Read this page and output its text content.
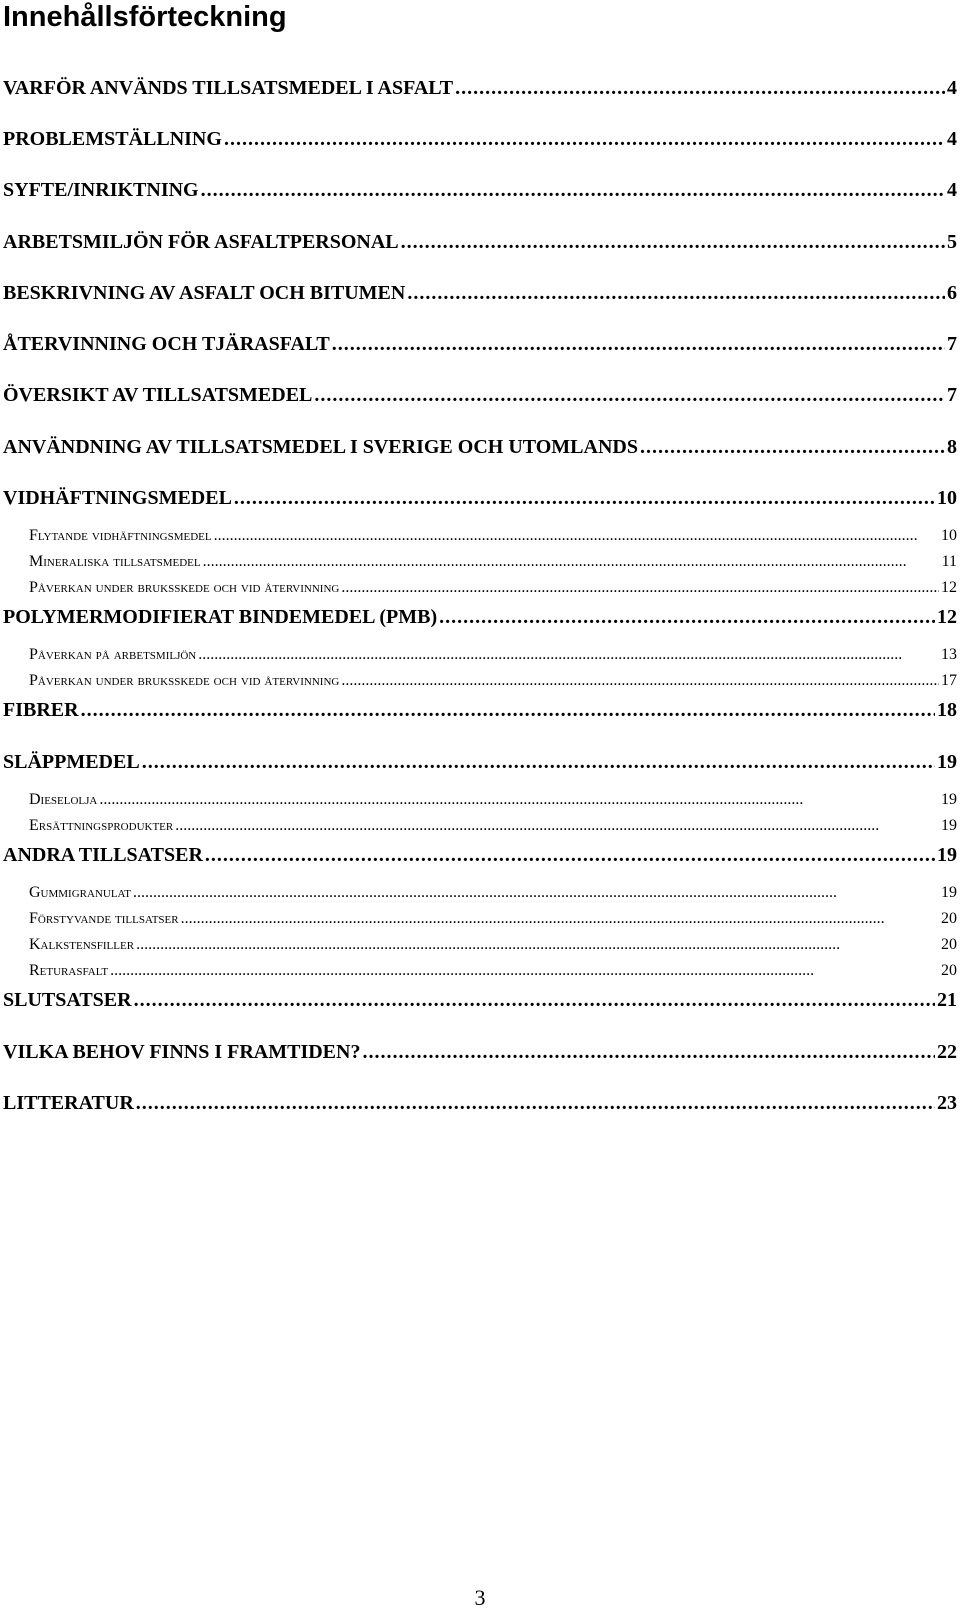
Innehållsförteckning
VARFÖR ANVÄNDS TILLSATSMEDEL I ASFALT . . .	4
PROBLEMSTÄLLNING . . .	4
SYFTE/INRIKTNING . . .	4
ARBETSMILJÖN FÖR ASFALTPERSONAL . . .	5
BESKRIVNING AV ASFALT OCH BITUMEN . . .	6
ÅTERVINNING OCH TJÄRASFALT . . .	7
ÖVERSIKT AV TILLSATSMEDEL . . .	7
ANVÄNDNING AV TILLSATSMEDEL I SVERIGE OCH UTOMLANDS . . .	8
VIDHÄFTNINGSMEDEL . . .	10
Flytande vidhäftningsmedel . . .	10
Mineraliska tillsatsmedel . . .	11
Påverkan under bruksskede och vid återvinning . . .	12
POLYMERMODIFIERAT BINDEMEDEL (PMB) . . .	12
Påverkan på arbetsmiljön . . .	13
Påverkan under bruksskede och vid återvinning . . .	17
FIBRER . . .	18
SLÄPPMEDEL . . .	19
Dieselolja . . .	19
Ersättningsprodukter . . .	19
ANDRA TILLSATSER . . .	19
Gummigranulat . . .	19
Förstyvande tillsatser . . .	20
Kalkstensfiller . . .	20
Returasfalt . . .	20
SLUTSATSER . . .	21
VILKA BEHOV FINNS I FRAMTIDEN? . . .	22
LITTERATUR . . .	23
3
